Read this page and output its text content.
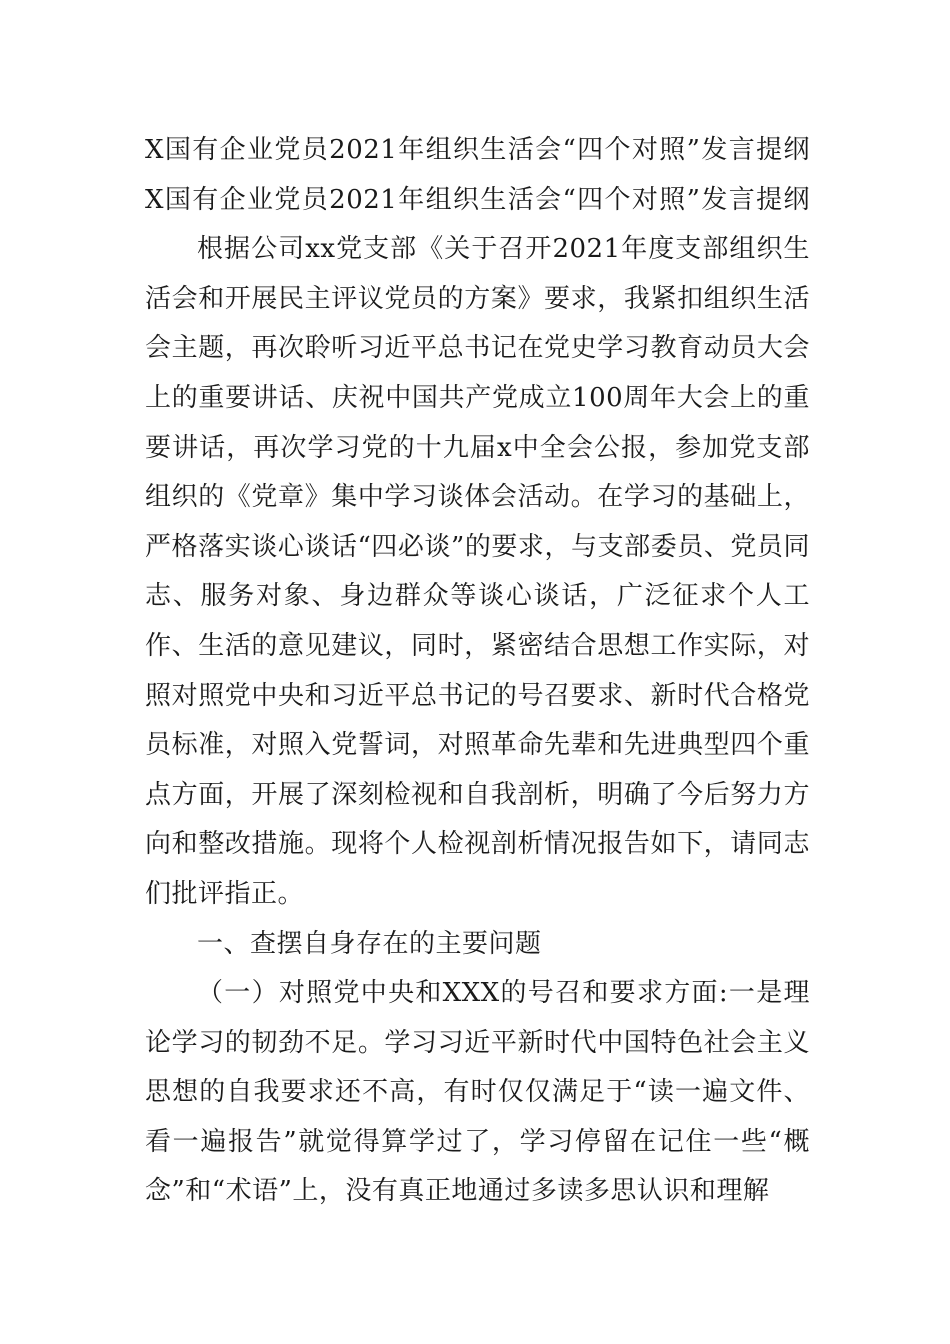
X国有企业党员2021年组织生活会“四个对照”发言提纲

X国有企业党员2021年组织生活会“四个对照”发言提纲

根据公司xx党支部《关于召开2021年度支部组织生活会和开展民主评议党员的方案》要求，我紧扣组织生活会主题，再次聆听习近平总书记在党史学习教育动员大会上的重要讲话、庆祝中国共产党成立100周年大会上的重要讲话，再次学习党的十九届x中全会公报，参加党支部组织的《党章》集中学习谈体会活动。在学习的基础上，严格落实谈心谈话“四必谈”的要求，与支部委员、党员同志、服务对象、身边群众等谈心谈话，广泛征求个人工作、生活的意见建议，同时，紧密结合思想工作实际，对照对照党中央和习近平总书记的号召要求、新时代合格党员标准，对照入党誓词，对照革命先辈和先进典型四个重点方面，开展了深刻检视和自我剖析，明确了今后努力方向和整改措施。现将个人检视剖析情况报告如下，请同志们批评指正。

一、查摆自身存在的主要问题

（一）对照党中央和XXX的号召和要求方面:一是理论学习的韧劲不足。学习习近平新时代中国特色社会主义思想的自我要求还不高，有时仅仅满足于“读一遍文件、看一遍报告”就觉得算学过了，学习停留在记住一些“概念”和“术语”上，没有真正地通过多读多思认识和理解
